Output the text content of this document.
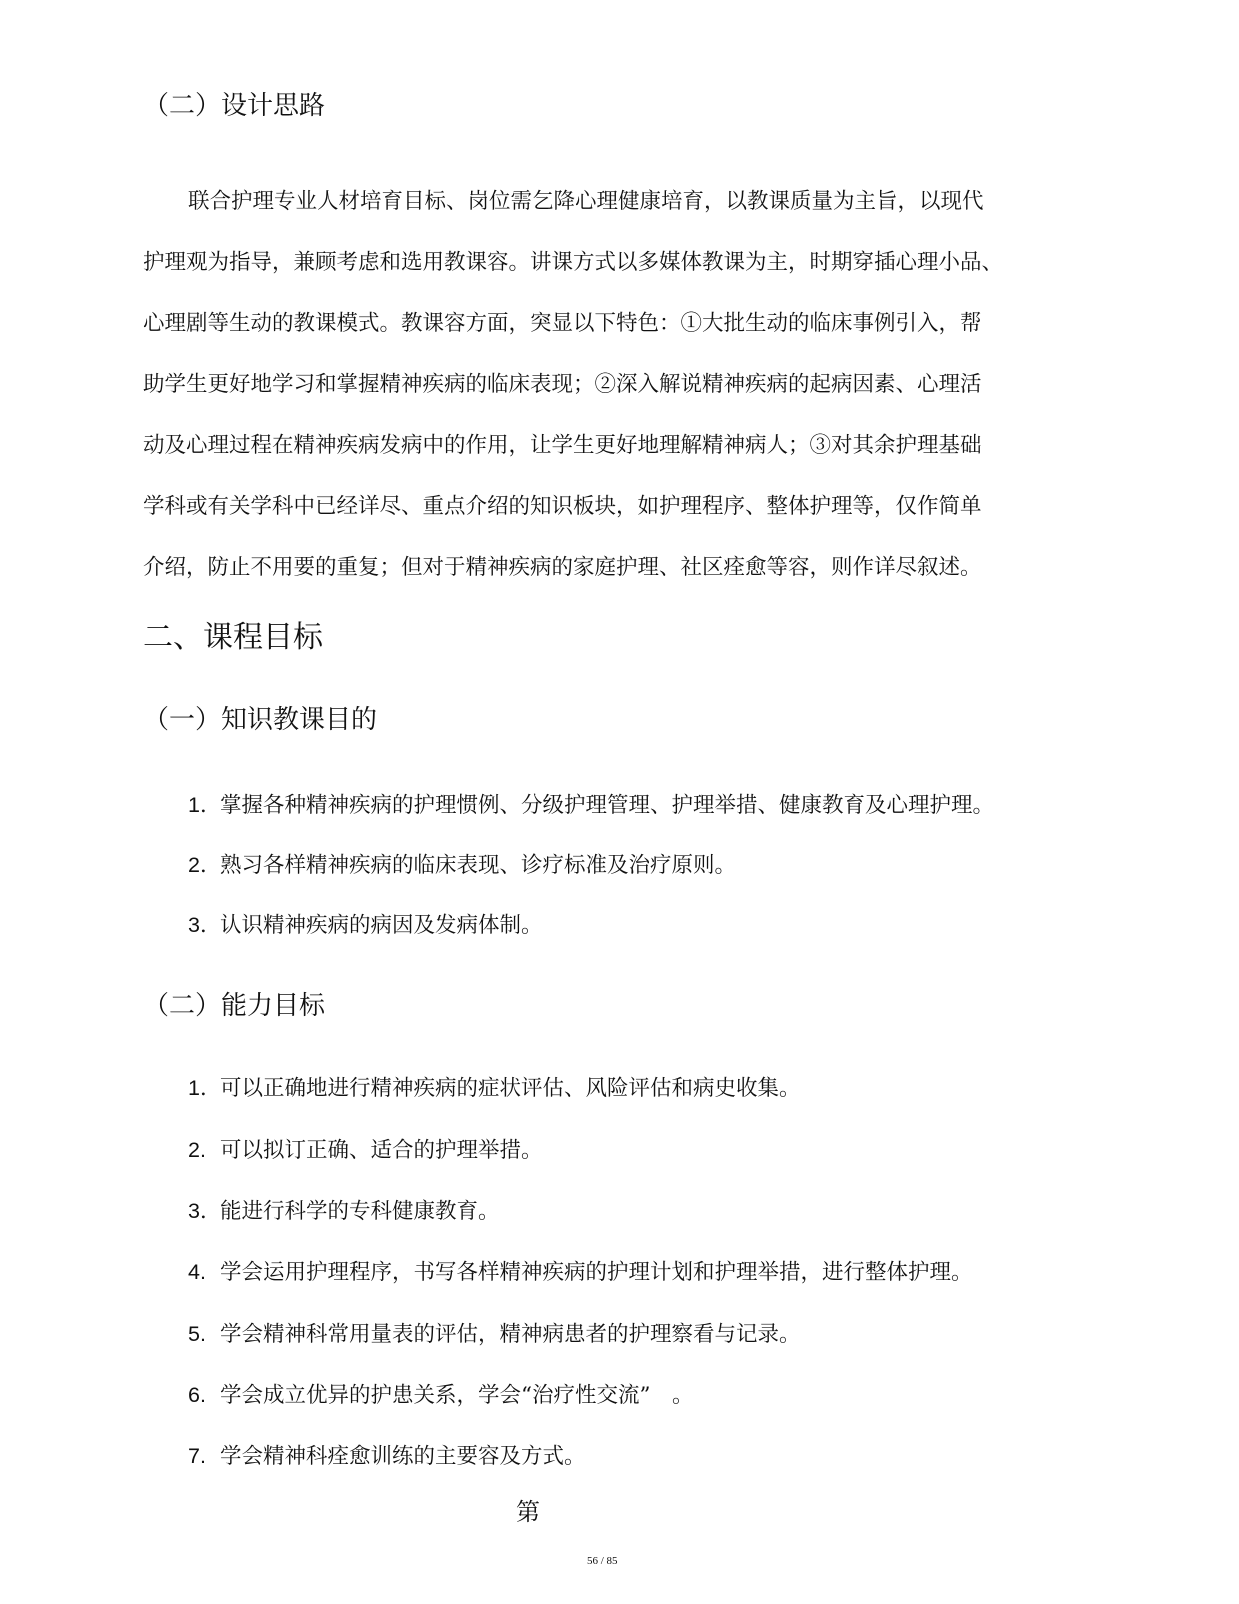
（二）设计思路
联合护理专业人材培育目标、岗位需乞降心理健康培育，以教课质量为主旨，以现代
护理观为指导，兼顾考虑和选用教课容。讲课方式以多媒体教课为主，时期穿插心理小品、
心理剧等生动的教课模式。教课容方面，突显以下特色：①大批生动的临床事例引入，帮
助学生更好地学习和掌握精神疾病的临床表现；②深入解说精神疾病的起病因素、心理活
动及心理过程在精神疾病发病中的作用，让学生更好地理解精神病人；③对其余护理基础
学科或有关学科中已经详尽、重点介绍的知识板块，如护理程序、整体护理等，仅作简单
介绍，防止不用要的重复；但对于精神疾病的家庭护理、社区痊愈等容，则作详尽叙述。
二、课程目标
（一）知识教课目的
1．掌握各种精神疾病的护理惯例、分级护理管理、护理举措、健康教育及心理护理。
2．熟习各样精神疾病的临床表现、诊疗标准及治疗原则。
3．认识精神疾病的病因及发病体制。
（二）能力目标
1．可以正确地进行精神疾病的症状评估、风险评估和病史收集。
2. 可以拟订正确、适合的护理举措。
3．能进行科学的专科健康教育。
4. 学会运用护理程序，书写各样精神疾病的护理计划和护理举措，进行整体护理。
5. 学会精神科常用量表的评估，精神病患者的护理察看与记录。
6. 学会成立优异的护患关系，学会“治疗性交流”　。
7. 学会精神科痊愈训练的主要容及方式。
第
56 / 85
